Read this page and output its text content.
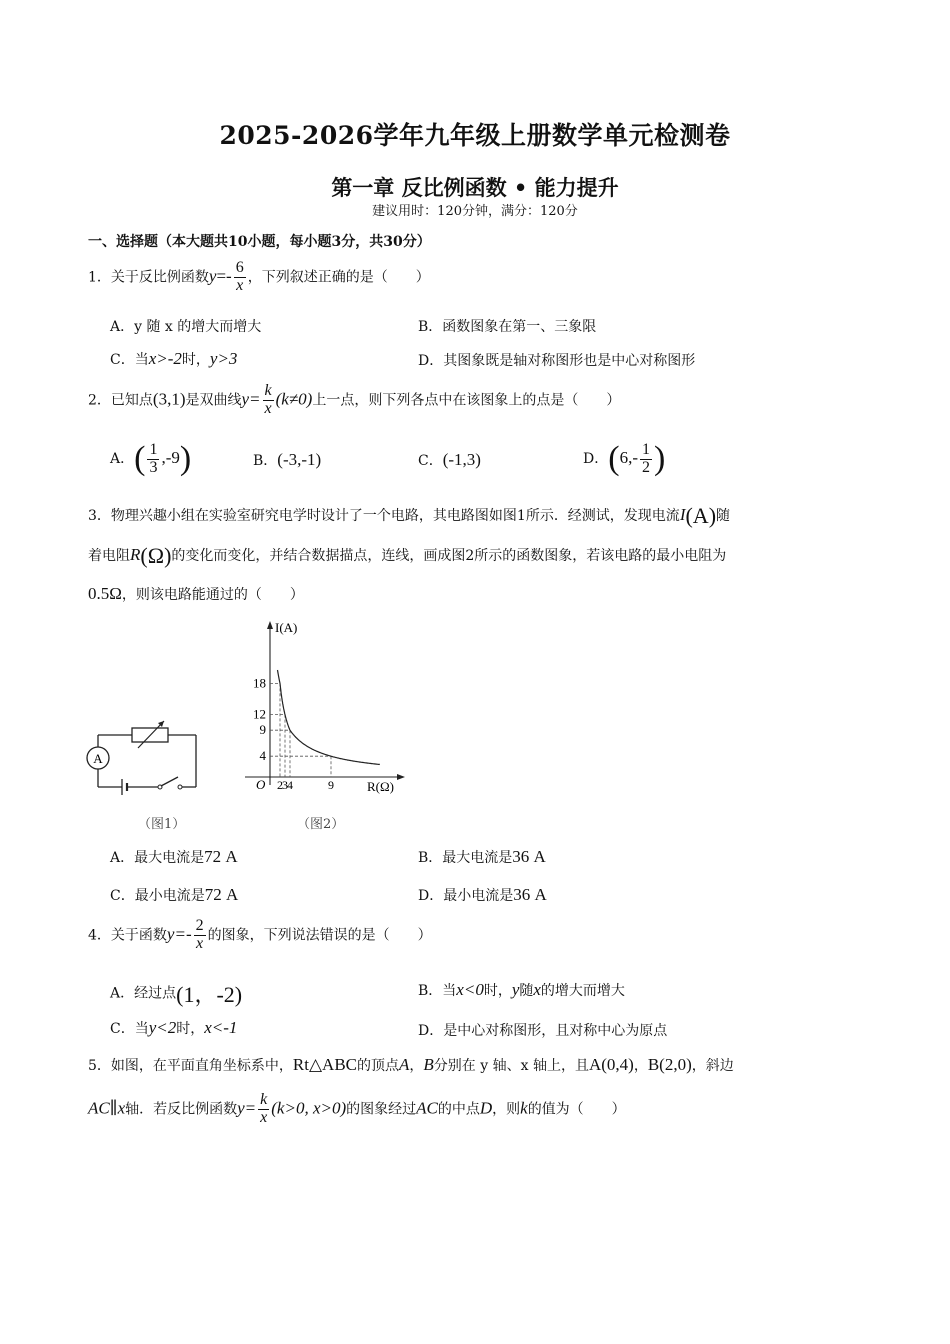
2025-2026学年九年级上册数学单元检测卷
第一章 反比例函数 • 能力提升
建议用时：120分钟，满分：120分
一、选择题（本大题共10小题，每小题3分，共30分）
1．关于反比例函数$y=- \frac{6}{x}$ ，下列叙述正确的是（　　）
A．y 随 x 的增大而增大	B．函数图象在第一、三象限
C．当x>-2时，y>3	D．其图象既是轴对称图形也是中心对称图形
2．已知点(3,1)是双曲线$y= \frac{k}{x} (k\ne 0)$上一点，则下列各点中在该图象上的点是（　　）
A．( $\frac{1}{3} ,-9$)	B．(-3,-1)	C．(-1,3)	D．($6,- \frac{1}{2}$ )
3．物理兴趣小组在实验室研究电学时设计了一个电路，其电路图如图1所示．经测试，发现电流I(A)随
着电阻R(Ω)的变化而变化，并结合数据描点，连线，画成图2所示的函数图象，若该电路的最小电阻为
0.5Ω，则该电路能通过的（　　）
A
（图1）
I(A)
R(Ω)
O
18
12
9
4
2 3 4	9
（图2）
A．最大电流是72 A	B．最大电流是36 A
C．最小电流是72 A	D．最小电流是36 A
4．关于函数$y=- \frac{2}{x}$ 的图象，下列说法错误的是（　　）
A．经过点(1，-2)	B．当x<0时，y随x的增大而增大
C．当y<2时，x<-1	D．是中心对称图形，且对称中心为原点
5．如图，在平面直角坐标系中，Rt△ABC的顶点A，B分别在 y 轴、x 轴上，且A(0,4)，B(2,0)，斜边
AC∥x轴．若反比例函数$y= \frac{k}{x} (k>0$, x>0)的图象经过AC的中点D，则k的值为（　　）
